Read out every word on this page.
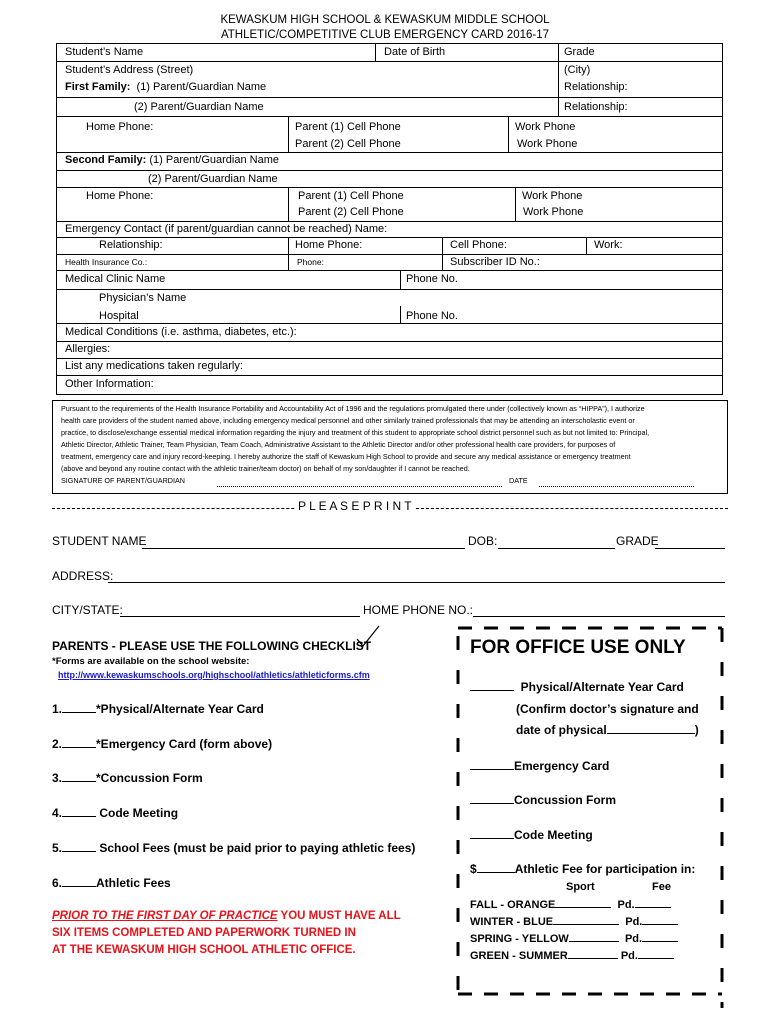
KEWASKUM HIGH SCHOOL & KEWASKUM MIDDLE SCHOOL
ATHLETIC/COMPETITIVE CLUB EMERGENCY CARD 2016-17
Student’s Name	Date of Birth	Grade
Student’s Address (Street)	(City)
First Family: (1) Parent/Guardian Name	Relationship:
(2) Parent/Guardian Name	Relationship:
Home Phone:	Parent (1) Cell Phone	Work Phone
Parent (2) Cell Phone	Work Phone
Second Family: (1) Parent/Guardian Name
(2) Parent/Guardian Name
Home Phone:	Parent (1) Cell Phone	Work Phone
Parent (2) Cell Phone	Work Phone
Emergency Contact (if parent/guardian cannot be reached) Name:
Relationship:	Home Phone:	Cell Phone:	Work:
Health Insurance Co.:	Phone:	Subscriber ID No.:
Medical Clinic Name	Phone No.
Physician’s Name
Hospital	Phone No.
Medical Conditions (i.e. asthma, diabetes, etc.):
Allergies:
List any medications taken regularly:
Other Information:
Pursuant to the requirements of the Health Insurance Portability and Accountability Act of 1996 and the regulations promulgated there under (collectively known as “HIPPA”), I authorize
health care providers of the student named above, including emergency medical personnel and other similarly trained professionals that may be attending an interscholastic event or
practice, to disclose/exchange essential medical information regarding the injury and treatment of this student to appropriate school district personnel such as but not limited to: Principal,
Athletic Director, Athletic Trainer, Team Physician, Team Coach, Administrative Assistant to the Athletic Director and/or other professional health care providers, for purposes of
treatment, emergency care and injury record-keeping. I hereby authorize the staff of Kewaskum High School to provide and secure any medical assistance or emergency treatment
(above and beyond any routine contact with the athletic trainer/team doctor) on behalf of my son/daughter if I cannot be reached.
SIGNATURE OF PARENT/GUARDIAN	DATE
P L E A S E P R I N T
STUDENT NAME	DOB:	GRADE
ADDRESS:
CITY/STATE:	HOME PHONE NO.:
PARENTS - PLEASE USE THE FOLLOWING CHECKLIST
*Forms are available on the school website:
http://www.kewaskumschools.org/highschool/athletics/athleticforms.cfm
1.	*Physical/Alternate Year Card
2.	*Emergency Card (form above)
3.	*Concussion Form
4.	Code Meeting
5.	School Fees (must be paid prior to paying athletic fees)
6.	Athletic Fees
PRIOR TO THE FIRST DAY OF PRACTICE YOU MUST HAVE ALL
SIX ITEMS COMPLETED AND PAPERWORK TURNED IN
AT THE KEWASKUM HIGH SCHOOL ATHLETIC OFFICE.
FOR OFFICE USE ONLY
Physical/Alternate Year Card
(Confirm doctor’s signature and
date of physical	)
Emergency Card
Concussion Form
Code Meeting
$	Athletic Fee for participation in:
Sport	Fee
FALL - ORANGE	Pd.
WINTER - BLUE	Pd.
SPRING - YELLOW	Pd.
GREEN - SUMMER	Pd.
